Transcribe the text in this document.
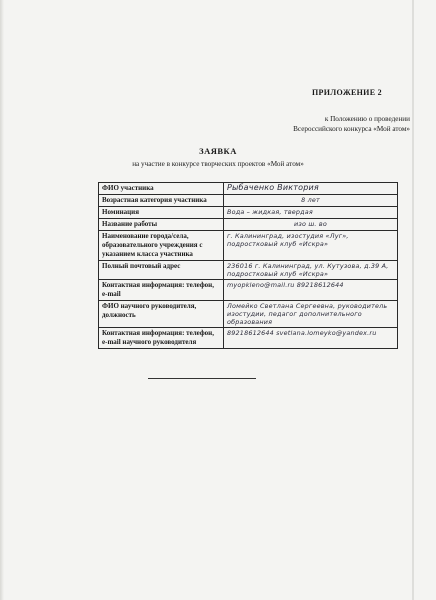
ПРИЛОЖЕНИЕ 2
к Положению о проведении
Всероссийского конкурса «Мой атом»
ЗАЯВКА
на участие в конкурсе творческих проектов «Мой атом»
ФИО участника	Рыбаченко Виктория
Возрастная категория участника	8 лет
Номинация	Вода – жидкая, твердая
Название работы	изо ш. во
Наименование города/села, образовательного учреждения с указанием класса участника	г. Калининград, изостудия «Луг», подростковый клуб «Искра»
Полный почтовый адрес	236016 г. Калининград, ул. Кутузова, д.39 А, подростковый клуб «Искра»
Контактная информация: телефон, e-mail	myopkleno@mail.ru 89218612644
ФИО научного руководителя, должность	Ломейко Светлана Сергеевна, руководитель изостудии, педагог дополнительного образования
Контактная информация: телефон, e-mail научного руководителя	89218612644 svetlana.lomeyko@yandex.ru
